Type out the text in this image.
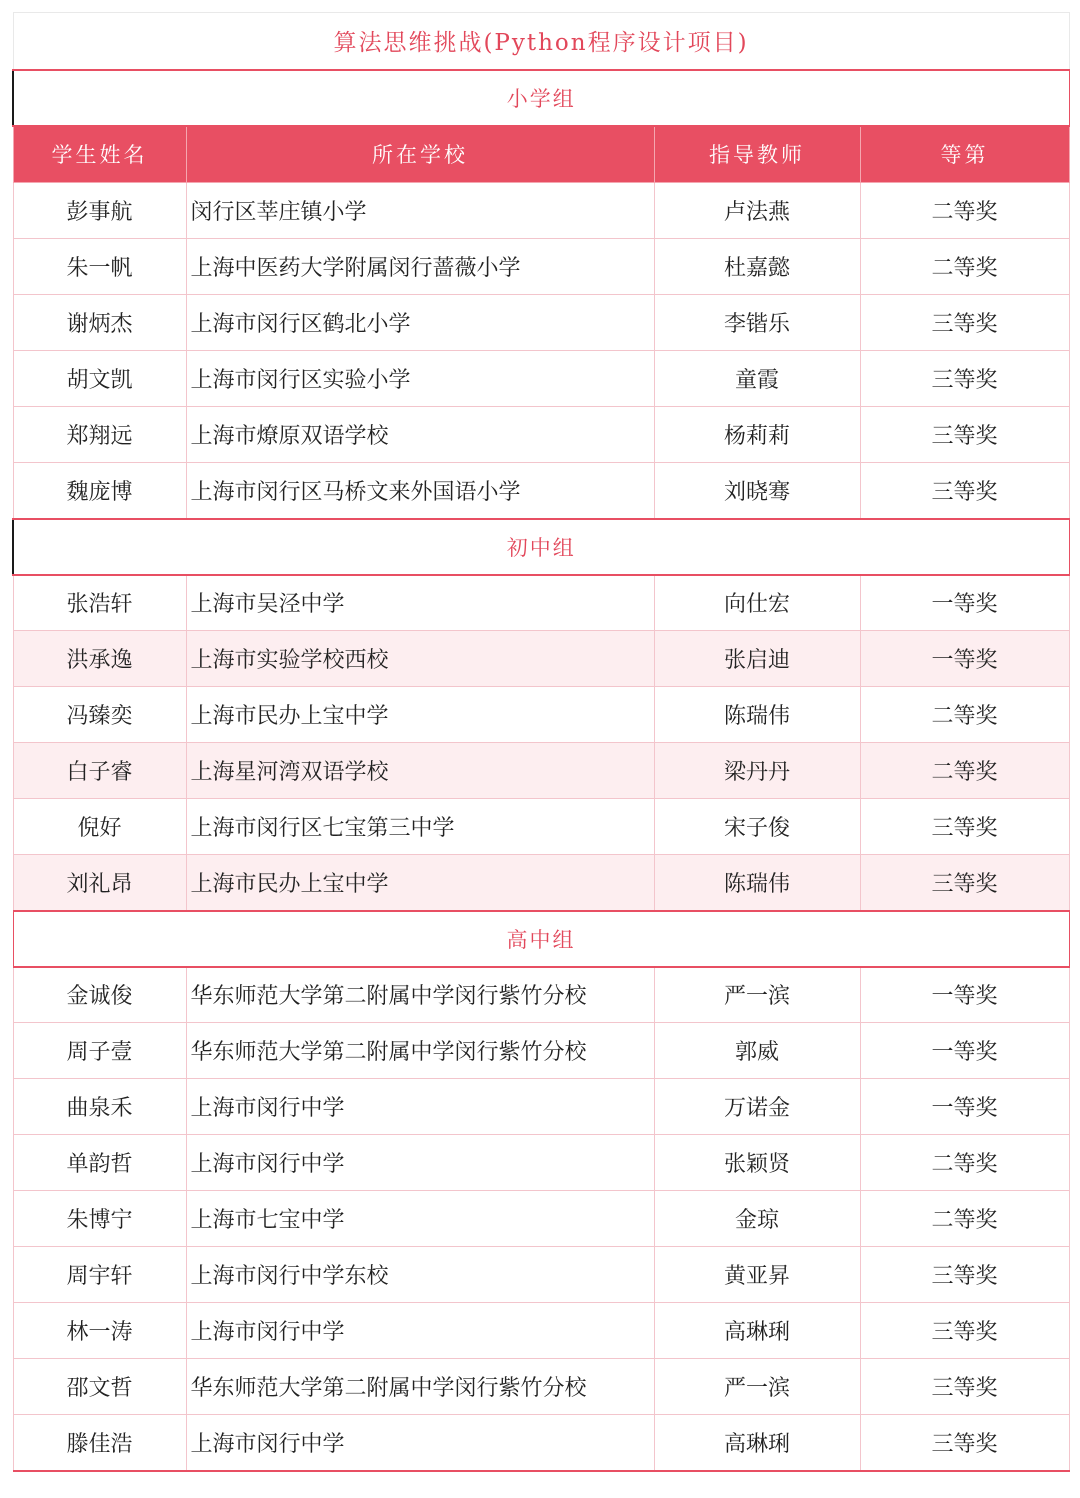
算法思维挑战(Python程序设计项目)			
小学组			
学生姓名	所在学校	指导教师	等第
彭事航	闵行区莘庄镇小学	卢法燕	二等奖
朱一帆	上海中医药大学附属闵行蔷薇小学	杜嘉懿	二等奖
谢炳杰	上海市闵行区鹤北小学	李锴乐	三等奖
胡文凯	上海市闵行区实验小学	童霞	三等奖
郑翔远	上海市燎原双语学校	杨莉莉	三等奖
魏庞博	上海市闵行区马桥文来外国语小学	刘晓骞	三等奖
初中组			
张浩轩	上海市吴泾中学	向仕宏	一等奖
洪承逸	上海市实验学校西校	张启迪	一等奖
冯臻奕	上海市民办上宝中学	陈瑞伟	二等奖
白子睿	上海星河湾双语学校	梁丹丹	二等奖
倪好	上海市闵行区七宝第三中学	宋子俊	三等奖
刘礼昂	上海市民办上宝中学	陈瑞伟	三等奖
高中组			
金诚俊	华东师范大学第二附属中学闵行紫竹分校	严一滨	一等奖
周子壹	华东师范大学第二附属中学闵行紫竹分校	郭威	一等奖
曲泉禾	上海市闵行中学	万诺金	一等奖
单韵哲	上海市闵行中学	张颖贤	二等奖
朱博宁	上海市七宝中学	金琼	二等奖
周宇轩	上海市闵行中学东校	黄亚昇	三等奖
林一涛	上海市闵行中学	高琳琍	三等奖
邵文哲	华东师范大学第二附属中学闵行紫竹分校	严一滨	三等奖
滕佳浩	上海市闵行中学	高琳琍	三等奖
